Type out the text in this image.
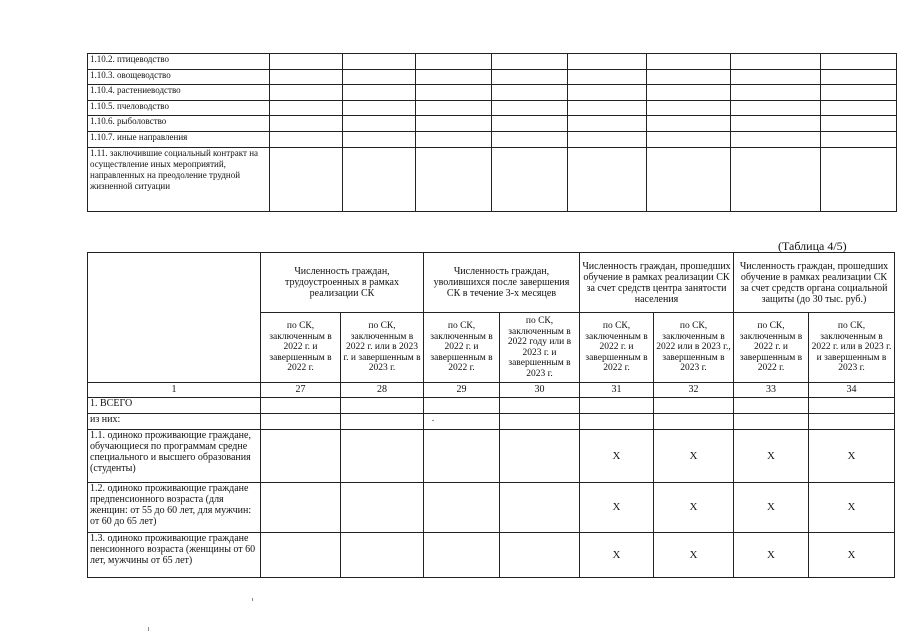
1.10.2. птицеводство								
1.10.3. овощеводство								
1.10.4. растениеводство								
1.10.5. пчеловодство								
1.10.6. рыболовство								
1.10.7. иные направления								
1.11. заключившие социальный контракт на осуществление иных мероприятий, направленных на преодоление трудной жизненной ситуации								
(Таблица 4/5)
	Численность граждан, трудоустроенных в рамках реализации СК		Численность граждан, уволившихся после завершения СК в течение 3-х месяцев		Численность граждан, прошедших обучение в рамках реализации СК за счет средств центра занятости населения		Численность граждан, прошедших обучение в рамках реализации СК за счет средств органа социальной защиты (до 30 тыс. руб.)	
	по СК, заключенным в 2022 г. и завершенным в 2022 г.	по СК, заключенным в 2022 г. или в 2023 г. и завершенным в 2023 г.	по СК, заключенным в 2022 г. и завершенным в 2022 г.	по СК, заключенным в 2022 году или в 2023 г. и завершенным в 2023 г.	по СК, заключенным в 2022 г. и завершенным в 2022 г.	по СК, заключенным в 2022 или в 2023 г., завершенным в 2023 г.	по СК, заключенным в 2022 г. и завершенным в 2022 г.	по СК, заключенным в 2022 г. или в 2023 г. и завершенным в 2023 г.
1	27	28	29	30	31	32	33	34
1. ВСЕГО								
из них:								
1.1. одиноко проживающие граждане, обучающиеся по программам средне специального и высшего образования (студенты)					Х	Х	Х	Х
1.2. одиноко проживающие граждане предпенсионного возраста (для женщин: от 55 до 60 лет, для мужчин: от 60 до 65 лет)					Х	Х	Х	Х
1.3. одиноко проживающие граждане пенсионного возраста (женщины от 60 лет, мужчины от 65 лет)					Х	Х	Х	Х
